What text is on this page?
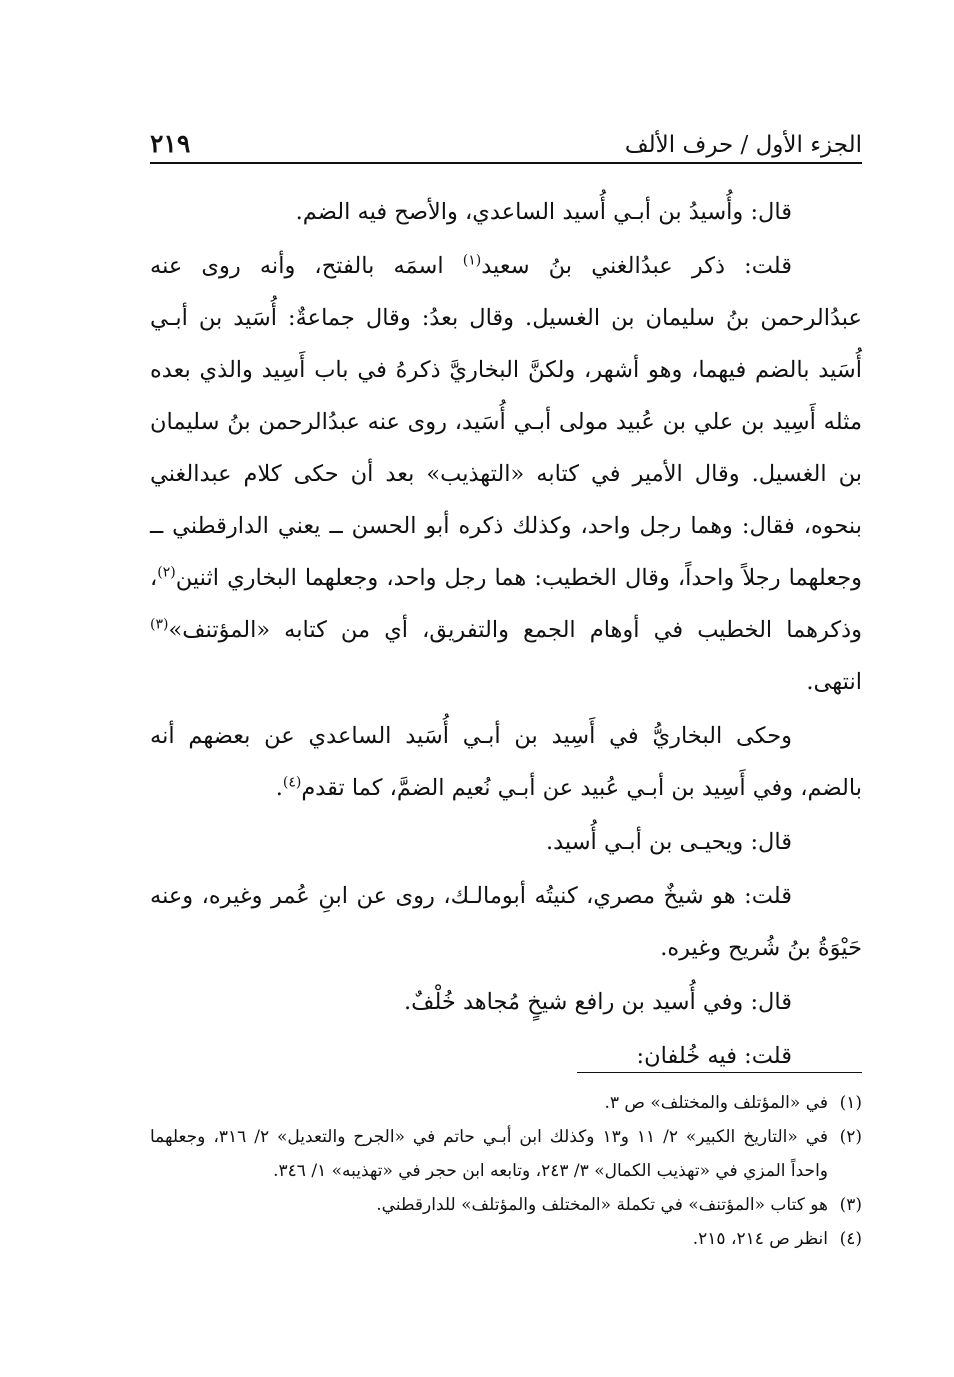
الجزء الأول / حرف الألف
٢١٩

قال: وأُسيدُ بن أبـي أُسيد الساعدي، والأصح فيه الضم.

قلت: ذكر عبدُالغني بنُ سعيد$^{(١)}$ اسمَه بالفتح، وأنه روى عنه عبدُالرحمن بنُ سليمان بن الغسيل. وقال بعدُ: وقال جماعةٌ: أُسَيد بن أبـي أُسَيد بالضم فيهما، وهو أشهر، ولكنَّ البخاريَّ ذكرهُ في باب أَسِيد والذي بعده مثله أَسِيد بن علي بن عُبيد مولى أبـي أُسَيد، روى عنه عبدُالرحمن بنُ سليمان بن الغسيل. وقال الأمير في كتابه «التهذيب» بعد أن حكى كلام عبدالغني بنحوه، فقال: وهما رجل واحد، وكذلك ذكره أبو الحسن ــ يعني الدارقطني ــ وجعلهما رجلاً واحداً، وقال الخطيب: هما رجل واحد، وجعلهما البخاري اثنين$^{(٢)}$، وذكرهما الخطيب في أوهام الجمع والتفريق، أي من كتابه «المؤتنف»$^{(٣)}$ انتهى.

وحكى البخاريُّ في أَسِيد بن أبـي أُسَيد الساعدي عن بعضهم أنه بالضم، وفي أَسِيد بن أبـي عُبيد عن أبـي نُعيم الضمَّ، كما تقدم$^{(٤)}$.

قال: ويحيـى بن أبـي أُسيد.

قلت: هو شيخٌ مصري، كنيتُه أبومالـك، روى عن ابنِ عُمر وغيره، وعنه حَيْوَةُ بنُ شُريح وغيره.

قال: وفي أُسيد بن رافع شيخٍ مُجاهد خُلْفٌ.

قلت: فيه خُلفان:

(١)
في «المؤتلف والمختلف» ص ٣.
(٢)
في «التاريخ الكبير» ٢/ ١١ و١٣ وكذلك ابن أبـي حاتم في «الجرح والتعديل» ٢/ ٣١٦، وجعلهما واحداً المزي في «تهذيب الكمال» ٣/ ٢٤٣، وتابعه ابن حجر في «تهذيبه» ١/ ٣٤٦.
(٣)
هو كتاب «المؤتنف» في تكملة «المختلف والمؤتلف» للدارقطني.
(٤)
انظر ص ٢١٤، ٢١٥.
